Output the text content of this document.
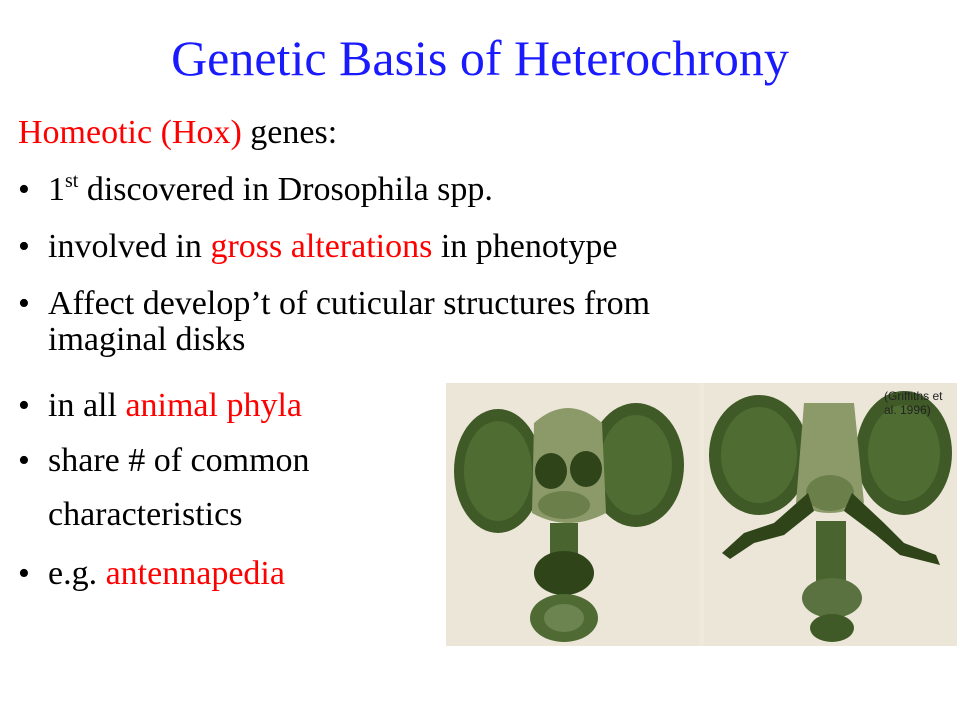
Genetic Basis of Heterochrony
Homeotic (Hox) genes:
• 1st discovered in Drosophila spp.
• involved in gross alterations in phenotype
• Affect develop’t of cuticular structures from
imaginal disks
• in all animal phyla
• share # of common
characteristics
• e.g. antennapedia
(Griffiths et al. 1996)
